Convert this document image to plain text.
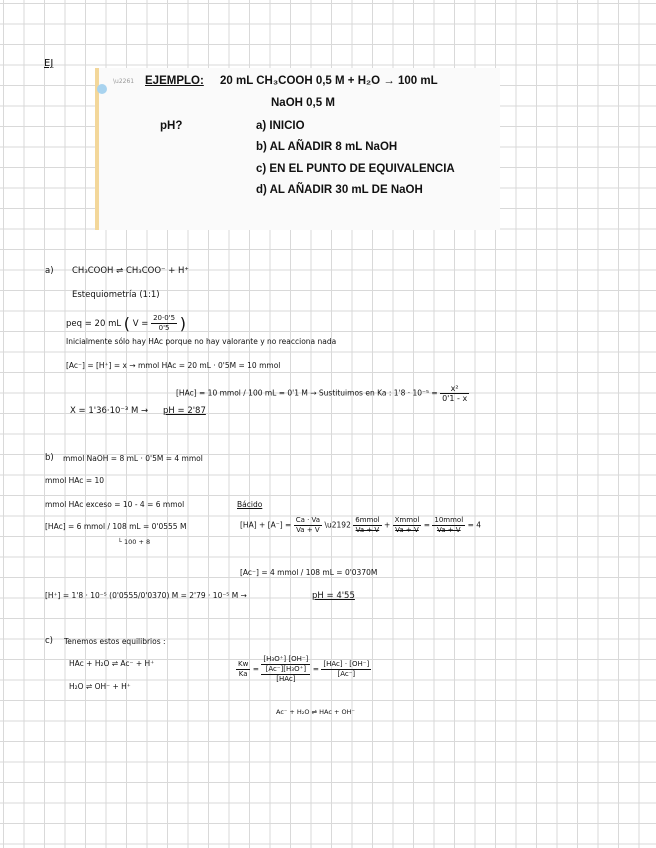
EJ
\u2261 EJEMPLO: 20 mL CH₃COOH 0,5 M + H₂O → 100 mL
NaOH 0,5 M
pH?	a) INICIO
b) AL AÑADIR 8 mL NaOH
c) EN EL PUNTO DE EQUIVALENCIA
d) AL AÑADIR 30 mL DE NaOH
a) CH₃COOH ⇌ CH₃COO⁻ + H⁺
Estequiometría (1:1)
peq = 20 mL ( $V = \frac{20\cdot 0'5}{0'5}$ )
Inicialmente sólo hay HAc porque no hay valorante y no reacciona nada
[Ac⁻] = [H⁺] = x → mmol HAc = 20 mL · 0'5M = 10 mmol
[HAc] = 10 mmol / 100 mL = 0'1 M → Sustituimos en Ka : $1'8 \cdot 10^{-5} = \frac{\text{x²}}{0'1 - x}$
X = 1'36·10⁻³ M → pH = 2'87
b) mmol NaOH = 8 mL · 0'5M = 4 mmol
mmol HAc = 10
mmol HAc exceso = 10 - 4 = 6 mmol	Bácido
[HAc] = 6 mmol / 108 mL = 0'0555 M
└ 100 + 8
$[HA] + [A^-] = \frac{Ca \cdot Va}{Va + V}$ \u2192 $\frac{\text{6mmol}}{Va + V} + \frac{\text{Xmmol}}{Va + V} = \frac{\text{10mmol}}{Va + V} = 4$
[Ac⁻] = 4 mmol / 108 mL = 0'0370M
[H⁺] = 1'8 · 10⁻⁵ (0'0555/0'0370) M = 2'79 · 10⁻⁵ M →	pH = 4'55
c) Tenemos estos equilibrios :
HAc + H₂O ⇌ Ac⁻ + H⁺
H₂O ⇌ OH⁻ + H⁺
$\frac{Kw}{Ka}$ =
[H₃O⁺] [OH⁻]
[Ac⁻][H₃O⁺]
[HAc]
= $\frac{\text{[HAc] · [OH⁻]}}{[Ac^-]}$
Ac⁻ + H₂O ⇌ HAc + OH⁻
